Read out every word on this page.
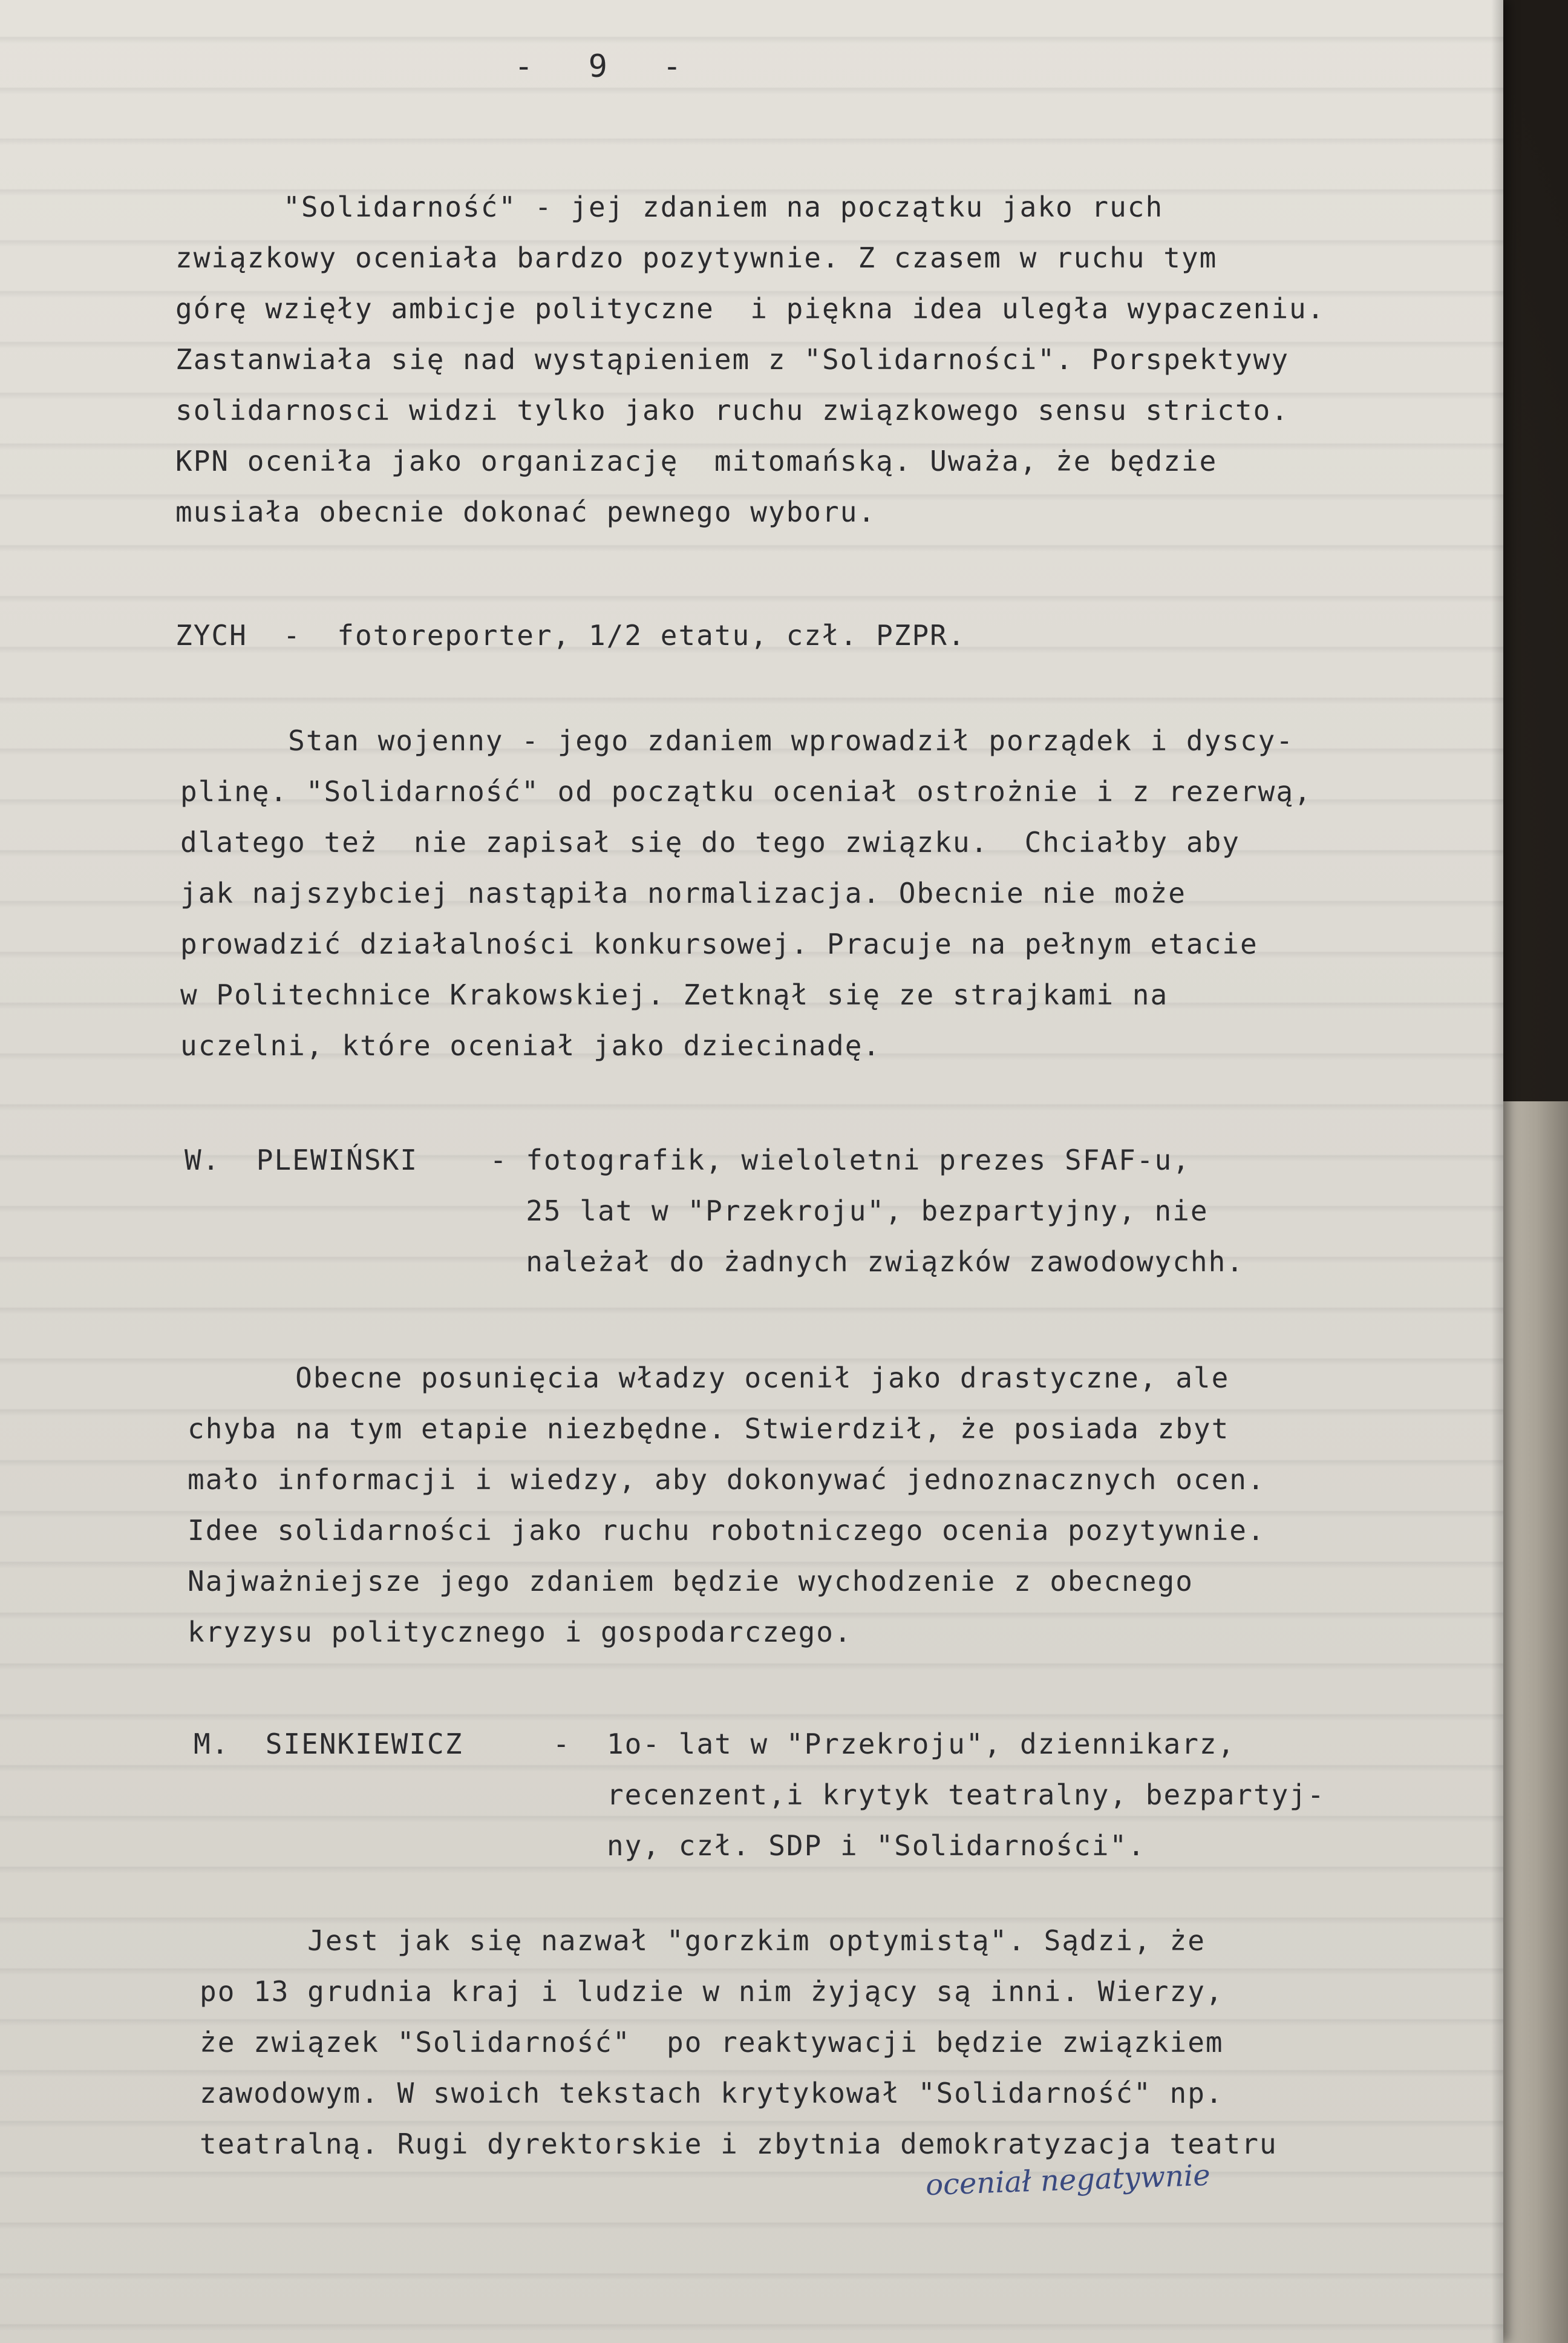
- 9 -
"Solidarność" - jej zdaniem na początku jako ruch
związkowy oceniała bardzo pozytywnie. Z czasem w ruchu tym
górę wzięły ambicje polityczne  i piękna idea uległa wypaczeniu.
Zastanwiała się nad wystąpieniem z "Solidarności". Porspektywy
solidarnosci widzi tylko jako ruchu związkowego sensu stricto.
KPN oceniła jako organizację  mitomańską. Uważa, że będzie
musiała obecnie dokonać pewnego wyboru.
ZYCH  -  fotoreporter, 1/2 etatu, czł. PZPR.
Stan wojenny - jego zdaniem wprowadził porządek i dyscy-
plinę. "Solidarność" od początku oceniał ostrożnie i z rezerwą,
dlatego też  nie zapisał się do tego związku.  Chciałby aby
jak najszybciej nastąpiła normalizacja. Obecnie nie może
prowadzić działalności konkursowej. Pracuje na pełnym etacie
w Politechnice Krakowskiej. Zetknął się ze strajkami na
uczelni, które oceniał jako dziecinadę.
W.  PLEWIŃSKI    - fotografik, wieloletni prezes SFAF-u,
25 lat w "Przekroju", bezpartyjny, nie
należał do żadnych związków zawodowychh.
Obecne posunięcia władzy ocenił jako drastyczne, ale
chyba na tym etapie niezbędne. Stwierdził, że posiada zbyt
mało informacji i wiedzy, aby dokonywać jednoznacznych ocen.
Idee solidarności jako ruchu robotniczego ocenia pozytywnie.
Najważniejsze jego zdaniem będzie wychodzenie z obecnego
kryzysu politycznego i gospodarczego.
M.  SIENKIEWICZ     -  1o- lat w "Przekroju", dziennikarz,
recenzent,i krytyk teatralny, bezpartyj-
ny, czł. SDP i "Solidarności".
Jest jak się nazwał "gorzkim optymistą". Sądzi, że
po 13 grudnia kraj i ludzie w nim żyjący są inni. Wierzy,
że związek "Solidarność"  po reaktywacji będzie związkiem
zawodowym. W swoich tekstach krytykował "Solidarność" np.
teatralną. Rugi dyrektorskie i zbytnia demokratyzacja teatru
oceniał negatywnie
